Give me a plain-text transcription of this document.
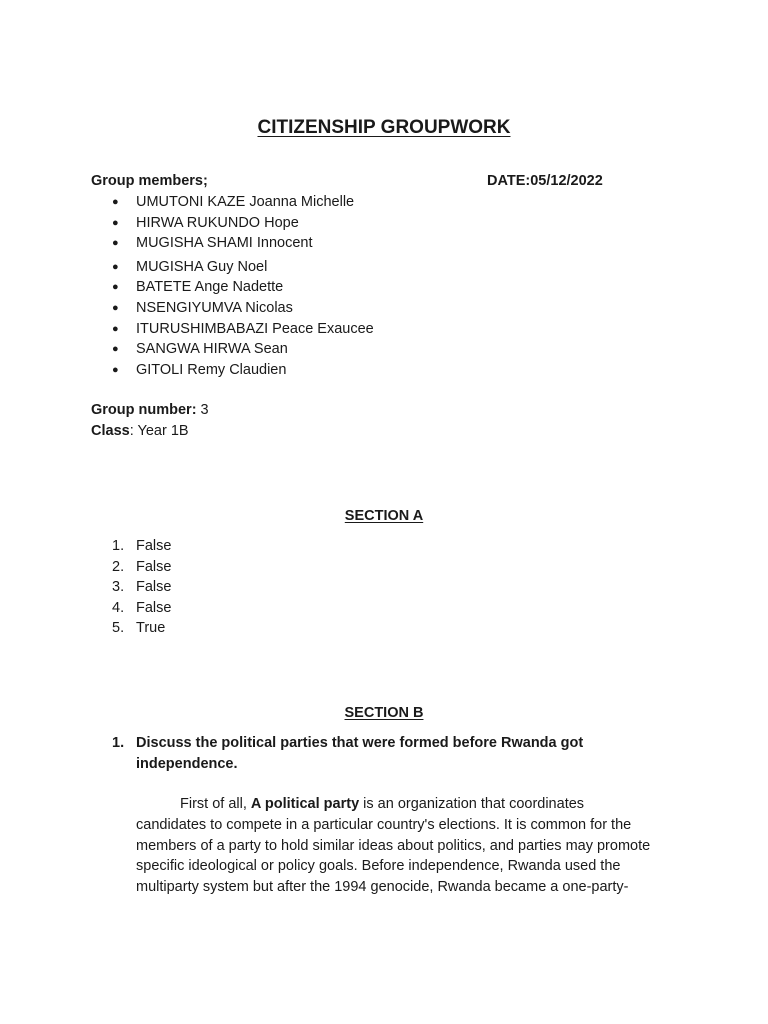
CITIZENSHIP GROUPWORK
Group members;	DATE:05/12/2022
● UMUTONI KAZE Joanna Michelle
● HIRWA RUKUNDO Hope
● MUGISHA SHAMI Innocent
● MUGISHA Guy Noel
● BATETE Ange Nadette
● NSENGIYUMVA Nicolas
● ITURUSHIMBABAZI Peace Exaucee
● SANGWA HIRWA Sean
● GITOLI Remy Claudien
Group number: 3
Class: Year 1B
SECTION A
1. False
2. False
3. False
4. False
5. True
SECTION B
1. Discuss the political parties that were formed before Rwanda got
independence.
First of all, A political party is an organization that coordinates
candidates to compete in a particular country's elections. It is common for the
members of a party to hold similar ideas about politics, and parties may promote
specific ideological or policy goals. Before independence, Rwanda used the
multiparty system but after the 1994 genocide, Rwanda became a one-party-
